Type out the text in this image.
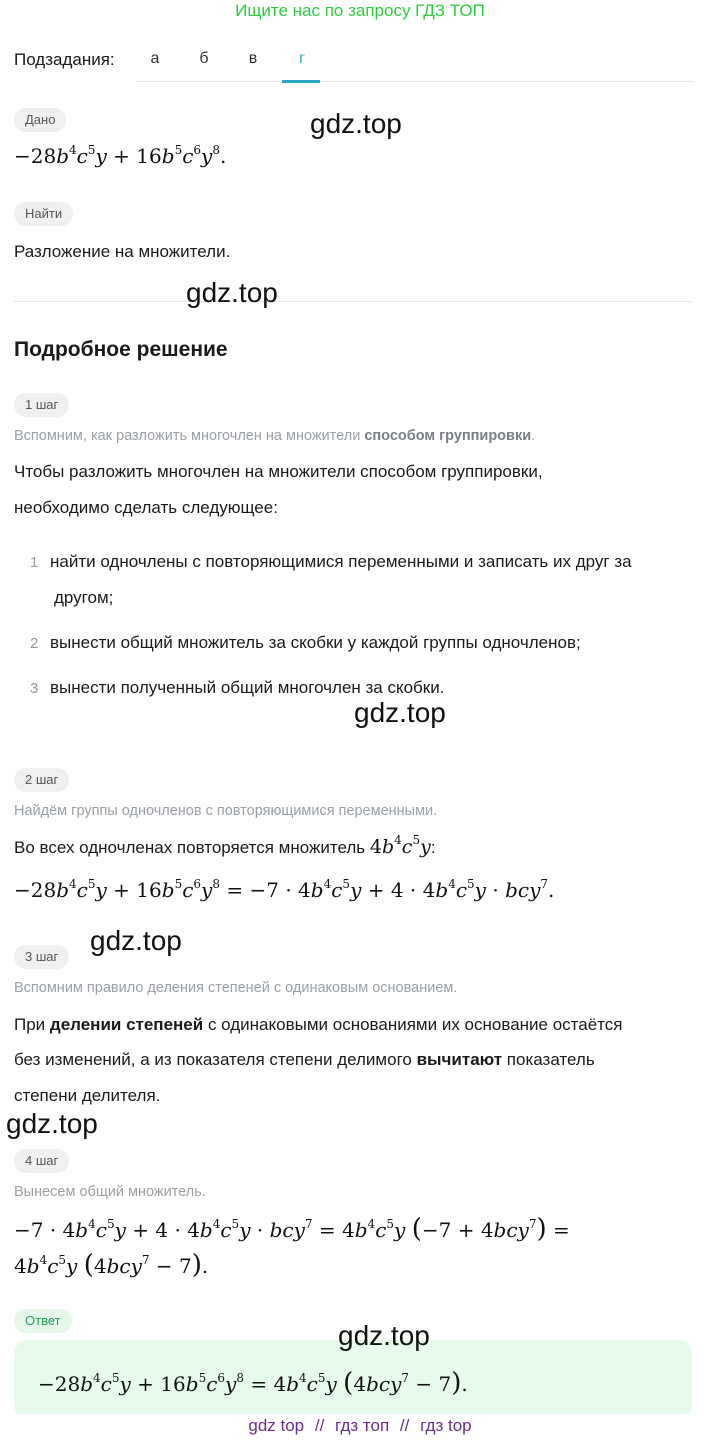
Ищите нас по запросу ГДЗ ТОП
Подзадания:	а	б	в	г
Дано
$-28b^4c^5y + 16b^5c^6y^8$.
Найти
Разложение на множители.
Подробное решение
1 шаг
Вспомним, как разложить многочлен на множители способом группировки.
Чтобы разложить многочлен на множители способом группировки,
необходимо сделать следующее:
1 найти одночлены с повторяющимися переменными и записать их друг за
другом;
2 вынести общий множитель за скобки у каждой группы одночленов;
3 вынести полученный общий многочлен за скобки.
2 шаг
Найдём группы одночленов с повторяющимися переменными.
Во всех одночленах повторяется множитель $4b^4c^5y$:
$-28b^4c^5y + 16b^5c^6y^8 = -7 \cdot 4b^4c^5y + 4 \cdot 4b^4c^5y \cdot bcy^7$.
3 шаг
Вспомним правило деления степеней с одинаковым основанием.
При делении степеней с одинаковыми основаниями их основание остаётся
без изменений, а из показателя степени делимого вычитают показатель
степени делителя.
4 шаг
Вынесем общий множитель.
$-7 \cdot 4b^4c^5y + 4 \cdot 4b^4c^5y \cdot bcy^7 = 4b^4c^5y$ (−7 + 4bcy$^7$) =
$4b^4c^5y$ (4bcy$^7$ − 7).
Ответ
$-28b^4c^5y + 16b^5c^6y^8 = 4b^4c^5y$ (4bcy$^7$ − 7).
gdz.top
gdz.top
gdz.top
gdz.top
gdz.top
gdz.top
gdz top // гдз топ // гдз top
